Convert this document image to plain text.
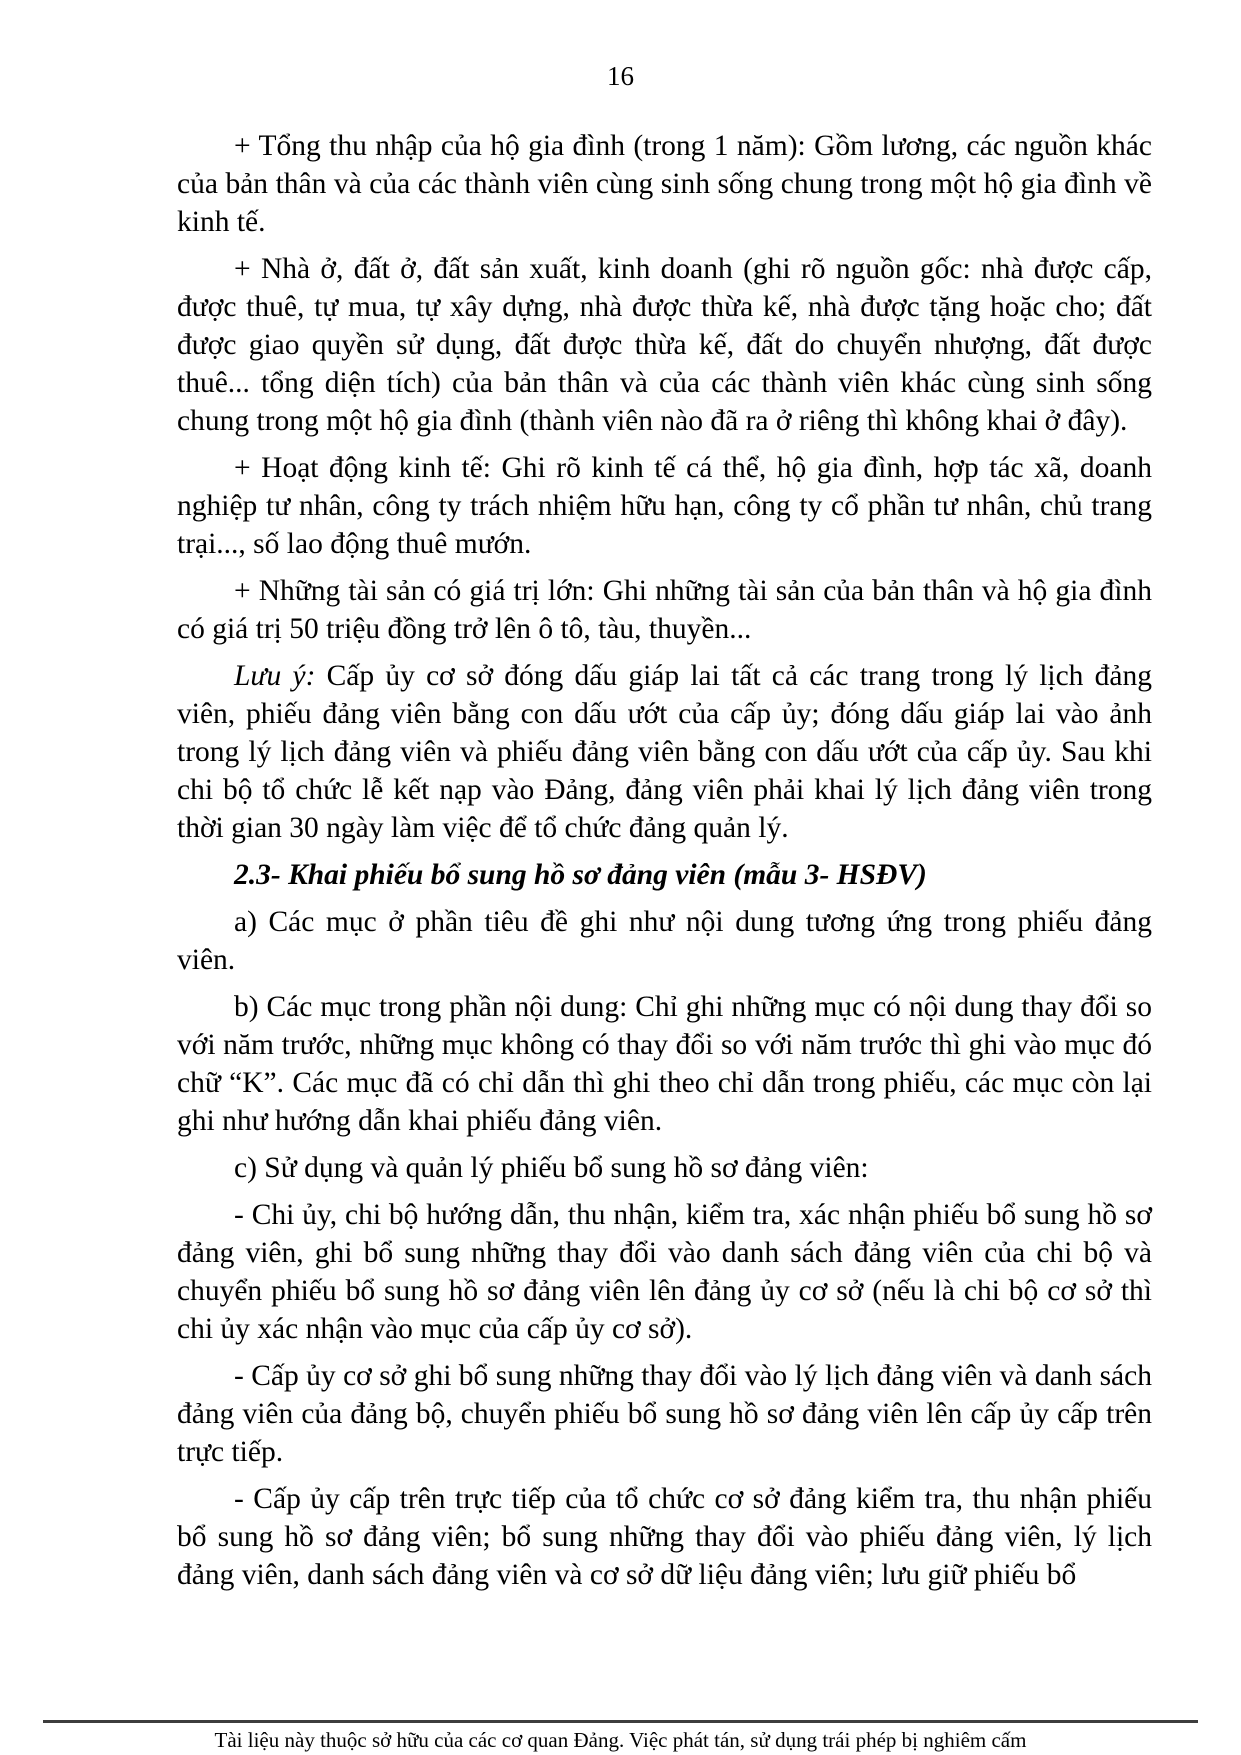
16

+ Tổng thu nhập của hộ gia đình (trong 1 năm): Gồm lương, các nguồn khác của bản thân và của các thành viên cùng sinh sống chung trong một hộ gia đình về kinh tế.

+ Nhà ở, đất ở, đất sản xuất, kinh doanh (ghi rõ nguồn gốc: nhà được cấp, được thuê, tự mua, tự xây dựng, nhà được thừa kế, nhà được tặng hoặc cho; đất được giao quyền sử dụng, đất được thừa kế, đất do chuyển nhượng, đất được thuê... tổng diện tích) của bản thân và của các thành viên khác cùng sinh sống chung trong một hộ gia đình (thành viên nào đã ra ở riêng thì không khai ở đây).

+ Hoạt động kinh tế: Ghi rõ kinh tế cá thể, hộ gia đình, hợp tác xã, doanh nghiệp tư nhân, công ty trách nhiệm hữu hạn, công ty cổ phần tư nhân, chủ trang trại..., số lao động thuê mướn.

+ Những tài sản có giá trị lớn: Ghi những tài sản của bản thân và hộ gia đình có giá trị 50 triệu đồng trở lên ô tô, tàu, thuyền...

Lưu ý: Cấp ủy cơ sở đóng dấu giáp lai tất cả các trang trong lý lịch đảng viên, phiếu đảng viên bằng con dấu ướt của cấp ủy; đóng dấu giáp lai vào ảnh trong lý lịch đảng viên và phiếu đảng viên bằng con dấu ướt của cấp ủy. Sau khi chi bộ tổ chức lễ kết nạp vào Đảng, đảng viên phải khai lý lịch đảng viên trong thời gian 30 ngày làm việc để tổ chức đảng quản lý.

2.3- Khai phiếu bổ sung hồ sơ đảng viên (mẫu 3- HSĐV)

a) Các mục ở phần tiêu đề ghi như nội dung tương ứng trong phiếu đảng viên.

b) Các mục trong phần nội dung: Chỉ ghi những mục có nội dung thay đổi so với năm trước, những mục không có thay đổi so với năm trước thì ghi vào mục đó chữ “K”. Các mục đã có chỉ dẫn thì ghi theo chỉ dẫn trong phiếu, các mục còn lại ghi như hướng dẫn khai phiếu đảng viên.

c) Sử dụng và quản lý phiếu bổ sung hồ sơ đảng viên:

- Chi ủy, chi bộ hướng dẫn, thu nhận, kiểm tra, xác nhận phiếu bổ sung hồ sơ đảng viên, ghi bổ sung những thay đổi vào danh sách đảng viên của chi bộ và chuyển phiếu bổ sung hồ sơ đảng viên lên đảng ủy cơ sở (nếu là chi bộ cơ sở thì chi ủy xác nhận vào mục của cấp ủy cơ sở).

- Cấp ủy cơ sở ghi bổ sung những thay đổi vào lý lịch đảng viên và danh sách đảng viên của đảng bộ, chuyển phiếu bổ sung hồ sơ đảng viên lên cấp ủy cấp trên trực tiếp.

- Cấp ủy cấp trên trực tiếp của tổ chức cơ sở đảng kiểm tra, thu nhận phiếu bổ sung hồ sơ đảng viên; bổ sung những thay đổi vào phiếu đảng viên, lý lịch đảng viên, danh sách đảng viên và cơ sở dữ liệu đảng viên; lưu giữ phiếu bổ

Tài liệu này thuộc sở hữu của các cơ quan Đảng. Việc phát tán, sử dụng trái phép bị nghiêm cấm
